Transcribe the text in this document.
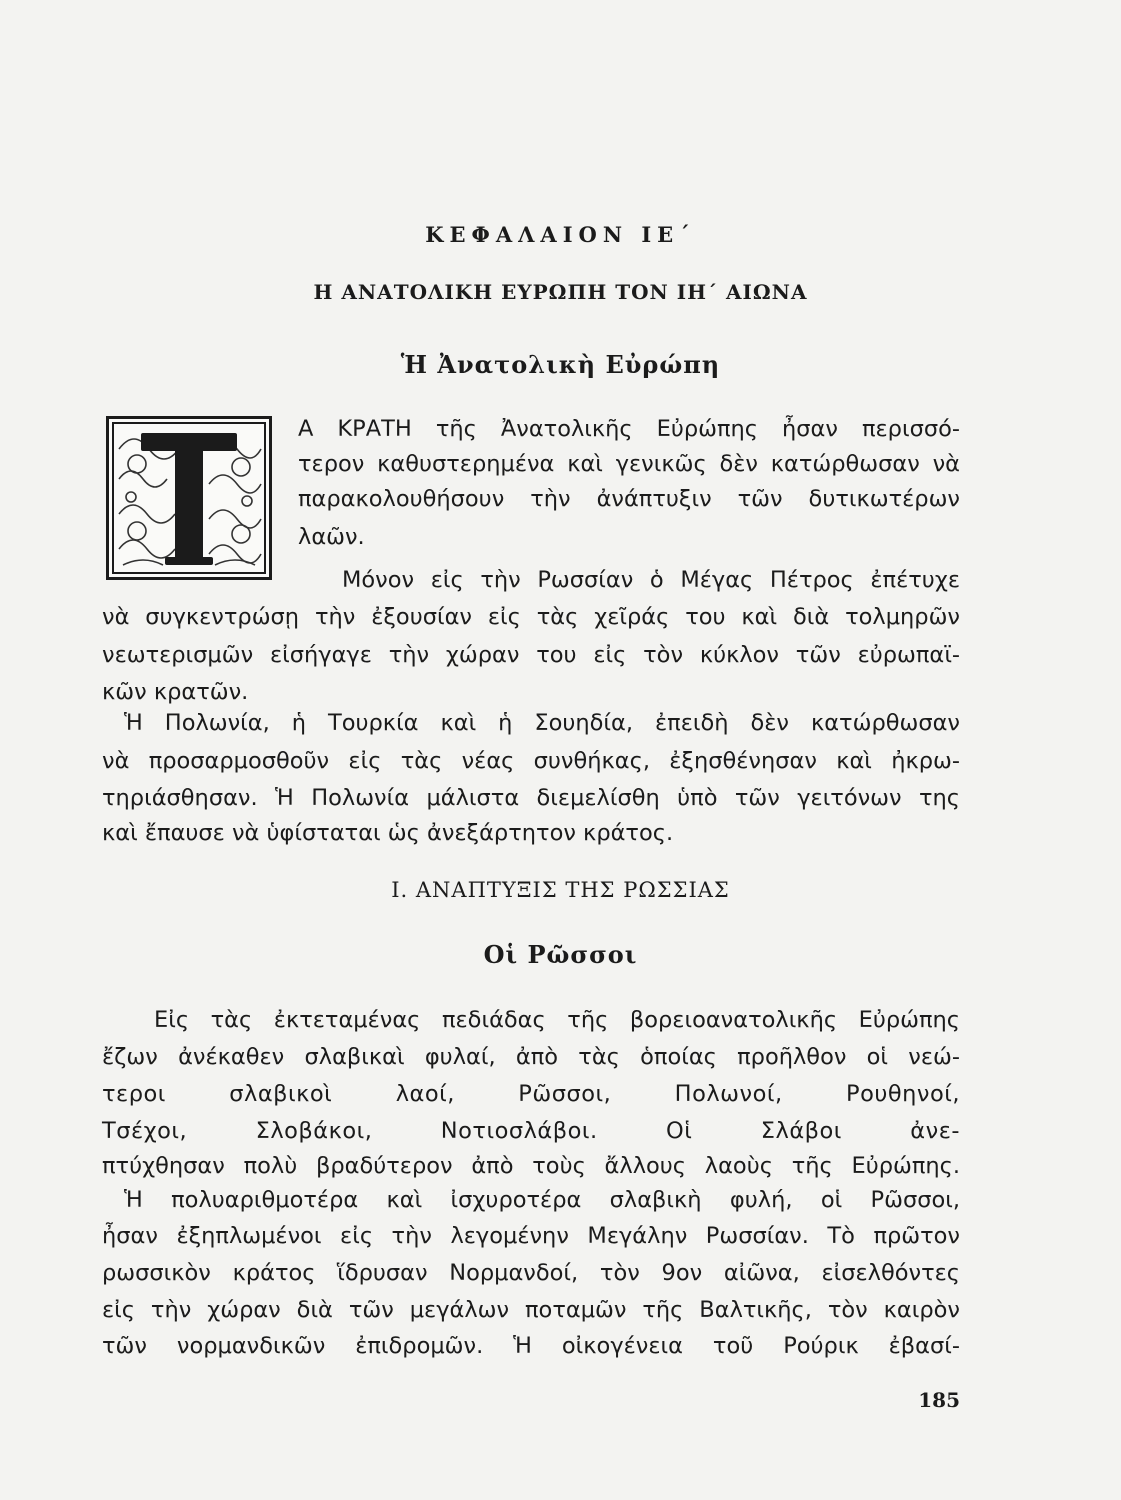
ΚΕΦΑΛΑΙΟΝ ΙΕ΄
Η ΑΝΑΤΟΛΙΚΗ ΕΥΡΩΠΗ ΤΟΝ ΙΗ΄ ΑΙΩΝΑ
Ἡ Ἀνατολικὴ Εὐρώπη
Α ΚΡΑΤΗ τῆς Ἀνατολικῆς Εὐρώπης ἦσαν περισσό-
τερον καθυστερημένα καὶ γενικῶς δὲν κατώρθωσαν νὰ
παρακολουθήσουν τὴν ἀνάπτυξιν τῶν δυτικωτέρων
λαῶν.
Μόνον εἰς τὴν Ρωσσίαν ὁ Μέγας Πέτρος ἐπέτυχε
νὰ συγκεντρώσῃ τὴν ἐξουσίαν εἰς τὰς χεῖράς του καὶ διὰ τολμηρῶν
νεωτερισμῶν εἰσήγαγε τὴν χώραν του εἰς τὸν κύκλον τῶν εὐρωπαϊ-
κῶν κρατῶν.
Ἡ Πολωνία, ἡ Τουρκία καὶ ἡ Σουηδία, ἐπειδὴ δὲν κατώρθωσαν
νὰ προσαρμοσθοῦν εἰς τὰς νέας συνθήκας, ἐξησθένησαν καὶ ἠκρω-
τηριάσθησαν. Ἡ Πολωνία μάλιστα διεμελίσθη ὑπὸ τῶν γειτόνων της
καὶ ἔπαυσε νὰ ὑφίσταται ὡς ἀνεξάρτητον κράτος.
Ι. ΑΝΑΠΤΥΞΙΣ ΤΗΣ ΡΩΣΣΙΑΣ
Οἱ Ρῶσσοι
Εἰς τὰς ἐκτεταμένας πεδιάδας τῆς βορειοανατολικῆς Εὐρώπης
ἔζων ἀνέκαθεν σλαβικαὶ φυλαί, ἀπὸ τὰς ὁποίας προῆλθον οἱ νεώ-
τεροι σλαβικοὶ λαοί, Ρῶσσοι, Πολωνοί, Ρουθηνοί,
Τσέχοι, Σλοβάκοι, Νοτιοσλάβοι. Οἱ Σλάβοι ἀνε-
πτύχθησαν πολὺ βραδύτερον ἀπὸ τοὺς ἄλλους λαοὺς τῆς Εὐρώπης.
Ἡ πολυαριθμοτέρα καὶ ἰσχυροτέρα σλαβικὴ φυλή, οἱ Ρῶσσοι,
ἦσαν ἐξηπλωμένοι εἰς τὴν λεγομένην Μεγάλην Ρωσσίαν. Τὸ πρῶτον
ρωσσικὸν κράτος ἵδρυσαν Νορμανδοί, τὸν 9ον αἰῶνα, εἰσελθόντες
εἰς τὴν χώραν διὰ τῶν μεγάλων ποταμῶν τῆς Βαλτικῆς, τὸν καιρὸν
τῶν νορμανδικῶν ἐπιδρομῶν. Ἡ οἰκογένεια τοῦ Ρούρικ ἐβασί-
185
